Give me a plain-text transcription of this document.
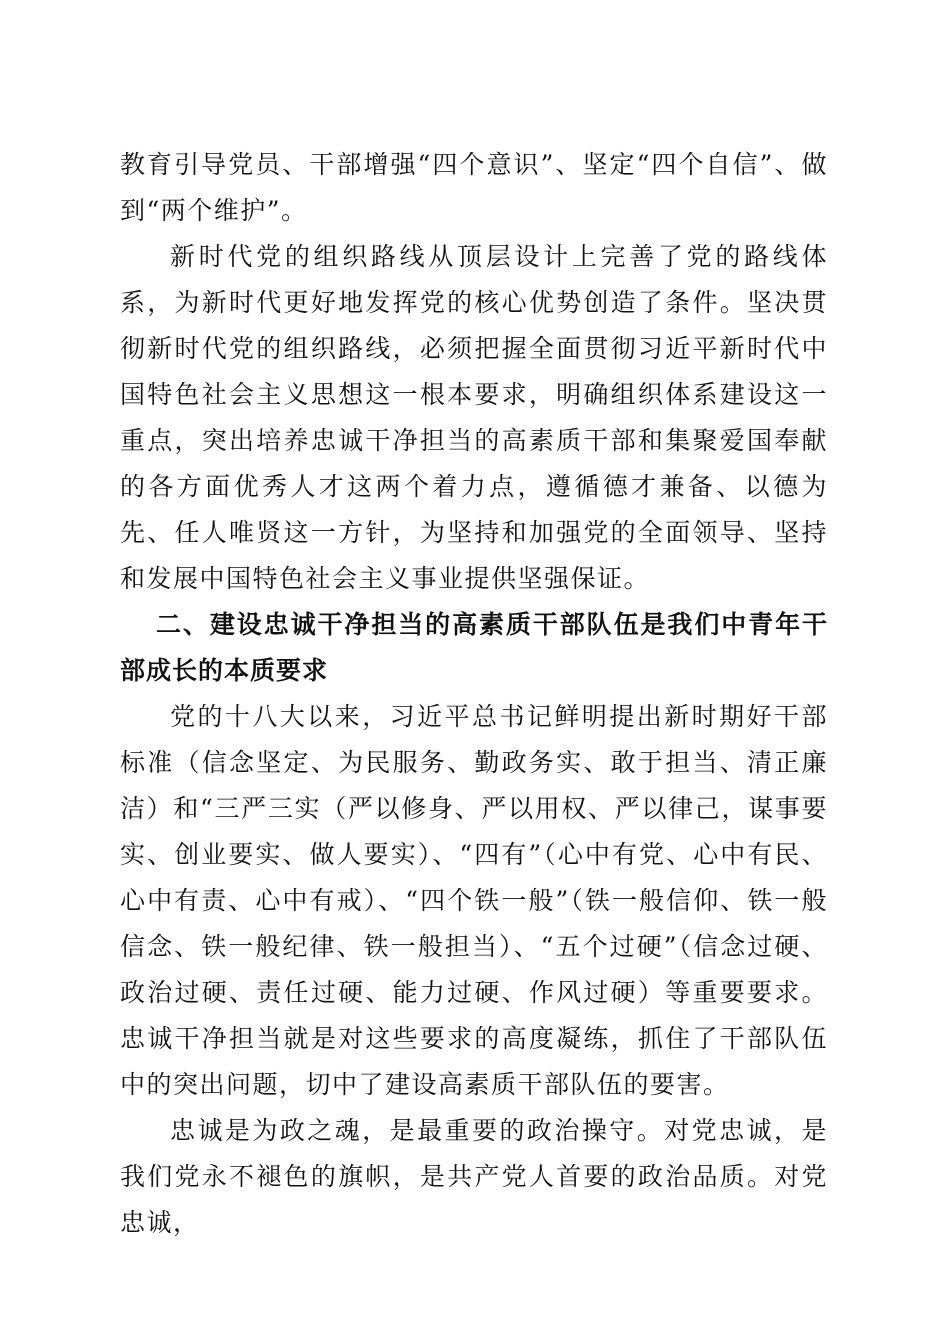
教育引导党员、干部增强“四个意识”、坚定“四个自信”、做到“两个维护”。

新时代党的组织路线从顶层设计上完善了党的路线体系，为新时代更好地发挥党的核心优势创造了条件。坚决贯彻新时代党的组织路线，必须把握全面贯彻习近平新时代中国特色社会主义思想这一根本要求，明确组织体系建设这一重点，突出培养忠诚干净担当的高素质干部和集聚爱国奉献的各方面优秀人才这两个着力点，遵循德才兼备、以德为先、任人唯贤这一方针，为坚持和加强党的全面领导、坚持和发展中国特色社会主义事业提供坚强保证。

二、建设忠诚干净担当的高素质干部队伍是我们中青年干部成长的本质要求

党的十八大以来，习近平总书记鲜明提出新时期好干部标准（信念坚定、为民服务、勤政务实、敢于担当、清正廉洁）和“三严三实（严以修身、严以用权、严以律己，谋事要实、创业要实、做人要实）、“四有”（心中有党、心中有民、心中有责、心中有戒）、“四个铁一般”（铁一般信仰、铁一般信念、铁一般纪律、铁一般担当）、“五个过硬”（信念过硬、政治过硬、责任过硬、能力过硬、作风过硬）等重要要求。忠诚干净担当就是对这些要求的高度凝练，抓住了干部队伍中的突出问题，切中了建设高素质干部队伍的要害。

忠诚是为政之魂，是最重要的政治操守。对党忠诚，是我们党永不褪色的旗帜，是共产党人首要的政治品质。对党忠诚，
